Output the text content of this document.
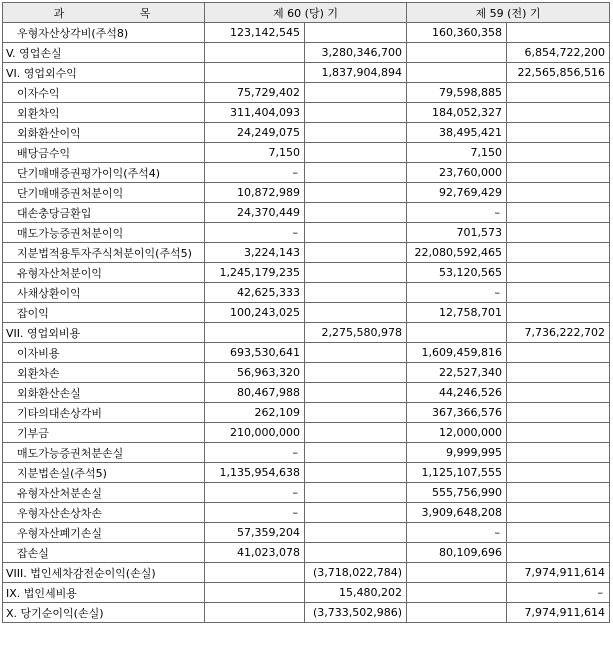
과 목	제 60 (당) 기		제 59 (전) 기	
우형자산상각비(주석8)	123,142,545		160,360,358	
V. 영업손실		3,280,346,700		6,854,722,200
VI. 영업외수익		1,837,904,894		22,565,856,516
이자수익	75,729,402		79,598,885	
외환차익	311,404,093		184,052,327	
외화환산이익	24,249,075		38,495,421	
배당금수익	7,150		7,150	
단기매매증권평가이익(주석4)	–		23,760,000	
단기매매증권처분이익	10,872,989		92,769,429	
대손충당금환입	24,370,449		–	
매도가능증권처분이익	–		701,573	
지분법적용투자주식처분이익(주석5)	3,224,143		22,080,592,465	
유형자산처분이익	1,245,179,235		53,120,565	
사채상환이익	42,625,333		–	
잡이익	100,243,025		12,758,701	
VII. 영업외비용		2,275,580,978		7,736,222,702
이자비용	693,530,641		1,609,459,816	
외환차손	56,963,320		22,527,340	
외화환산손실	80,467,988		44,246,526	
기타의대손상각비	262,109		367,366,576	
기부금	210,000,000		12,000,000	
매도가능증권처분손실	–		9,999,995	
지분법손실(주석5)	1,135,954,638		1,125,107,555	
유형자산처분손실	–		555,756,990	
우형자산손상차손	–		3,909,648,208	
우형자산폐기손실	57,359,204		–	
잡손실	41,023,078		80,109,696	
VIII. 법인세차감전순이익(손실)		(3,718,022,784)		7,974,911,614
IX. 법인세비용		15,480,202		–
X. 당기순이익(손실)		(3,733,502,986)		7,974,911,614
